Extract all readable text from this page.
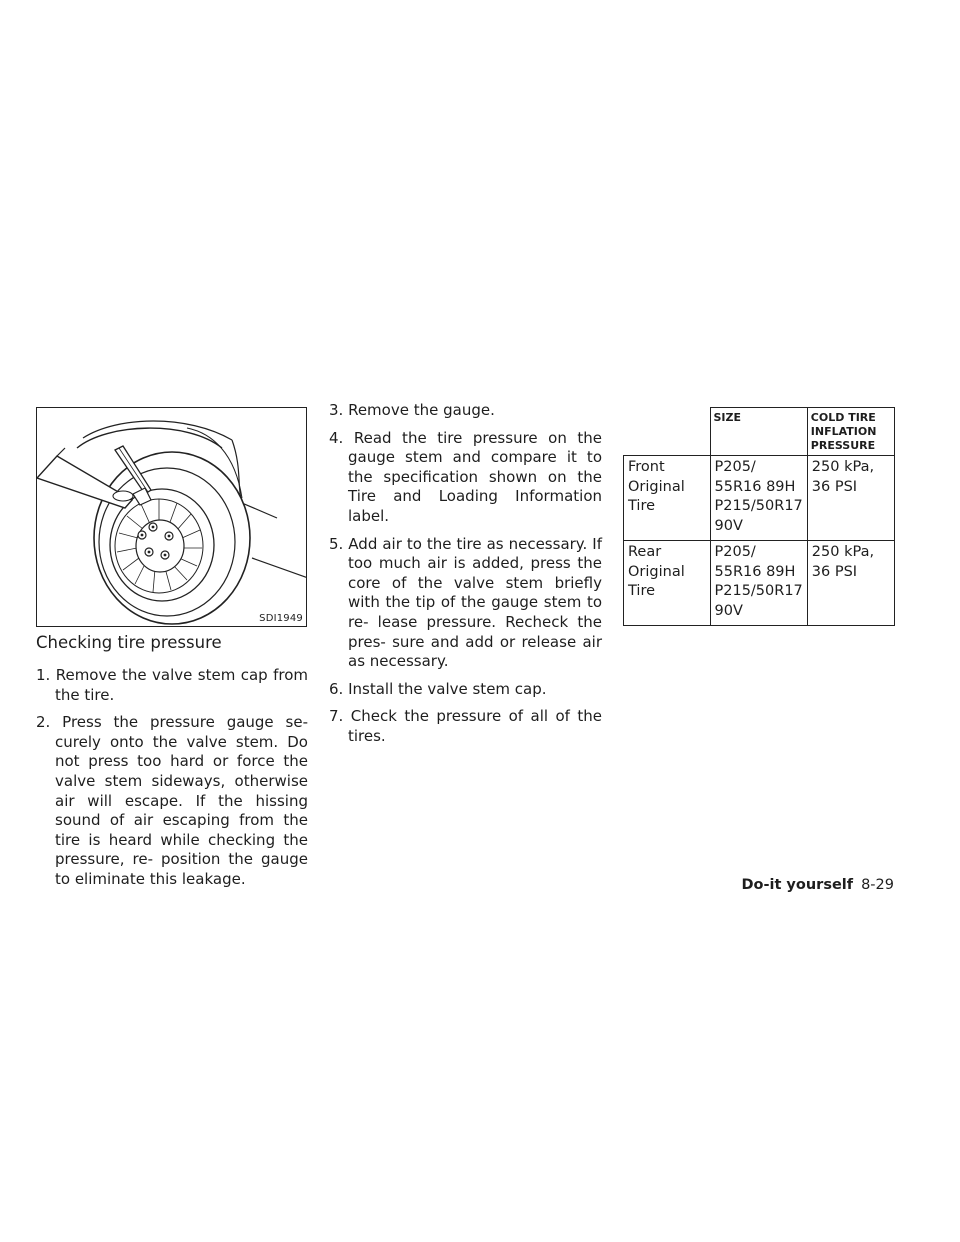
SDI1949
Checking tire pressure
1. Remove the valve stem cap from the tire.
2. Press the pressure gauge se- curely onto the valve stem. Do not press too hard or force the valve stem sideways, otherwise air will escape. If the hissing sound of air escaping from the tire is heard while checking the pressure, re- position the gauge to eliminate this leakage.
3. Remove the gauge.
4. Read the tire pressure on the gauge stem and compare it to the specification shown on the Tire and Loading Information label.
5. Add air to the tire as necessary. If too much air is added, press the core of the valve stem briefly with the tip of the gauge stem to re- lease pressure. Recheck the pres- sure and add or release air as necessary.
6. Install the valve stem cap.
7. Check the pressure of all of the tires.
	SIZE	COLD TIRE INFLATION PRESSURE

Front
Original
Tire	P205/
55R16 89H
P215/50R17
90V	250 kPa,
36 PSI

Rear
Original
Tire	P205/
55R16 89H
P215/50R17
90V	250 kPa,
36 PSI
Do-it yourself 8-29
